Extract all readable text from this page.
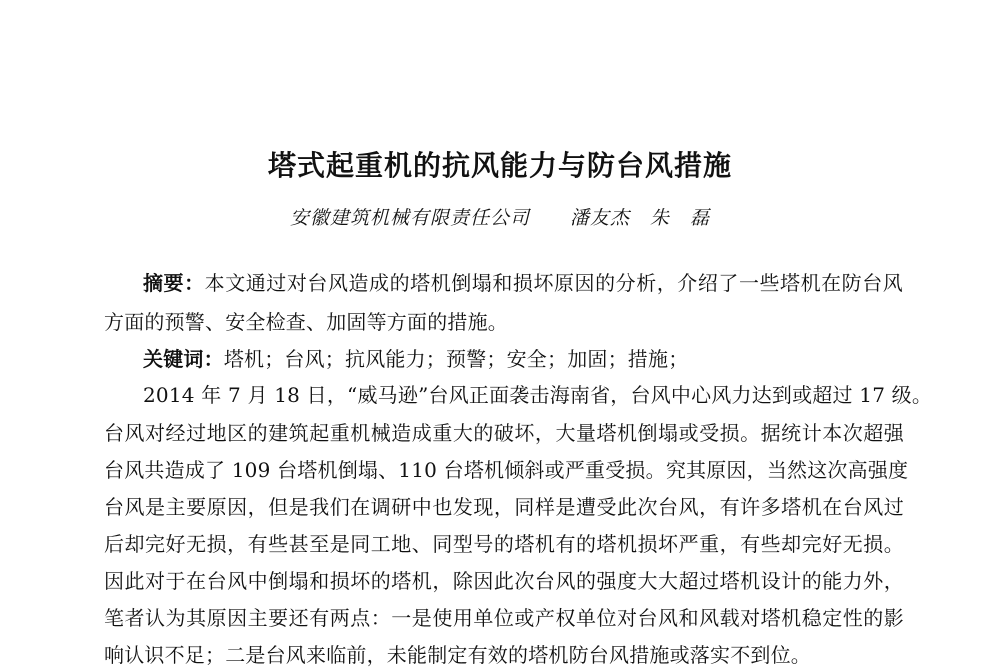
塔式起重机的抗风能力与防台风措施
安徽建筑机械有限责任公司 潘友杰　朱　磊
摘要：本文通过对台风造成的塔机倒塌和损坏原因的分析，介绍了一些塔机在防台风
方面的预警、安全检查、加固等方面的措施。
关键词：塔机；台风；抗风能力；预警；安全；加固；措施；
2014 年 7 月 18 日，“威马逊”台风正面袭击海南省，台风中心风力达到或超过 17 级。
台风对经过地区的建筑起重机械造成重大的破坏，大量塔机倒塌或受损。据统计本次超强
台风共造成了 109 台塔机倒塌、110 台塔机倾斜或严重受损。究其原因，当然这次高强度
台风是主要原因，但是我们在调研中也发现，同样是遭受此次台风，有许多塔机在台风过
后却完好无损，有些甚至是同工地、同型号的塔机有的塔机损坏严重，有些却完好无损。
因此对于在台风中倒塌和损坏的塔机，除因此次台风的强度大大超过塔机设计的能力外，
笔者认为其原因主要还有两点：一是使用单位或产权单位对台风和风载对塔机稳定性的影
响认识不足；二是台风来临前，未能制定有效的塔机防台风措施或落实不到位。
